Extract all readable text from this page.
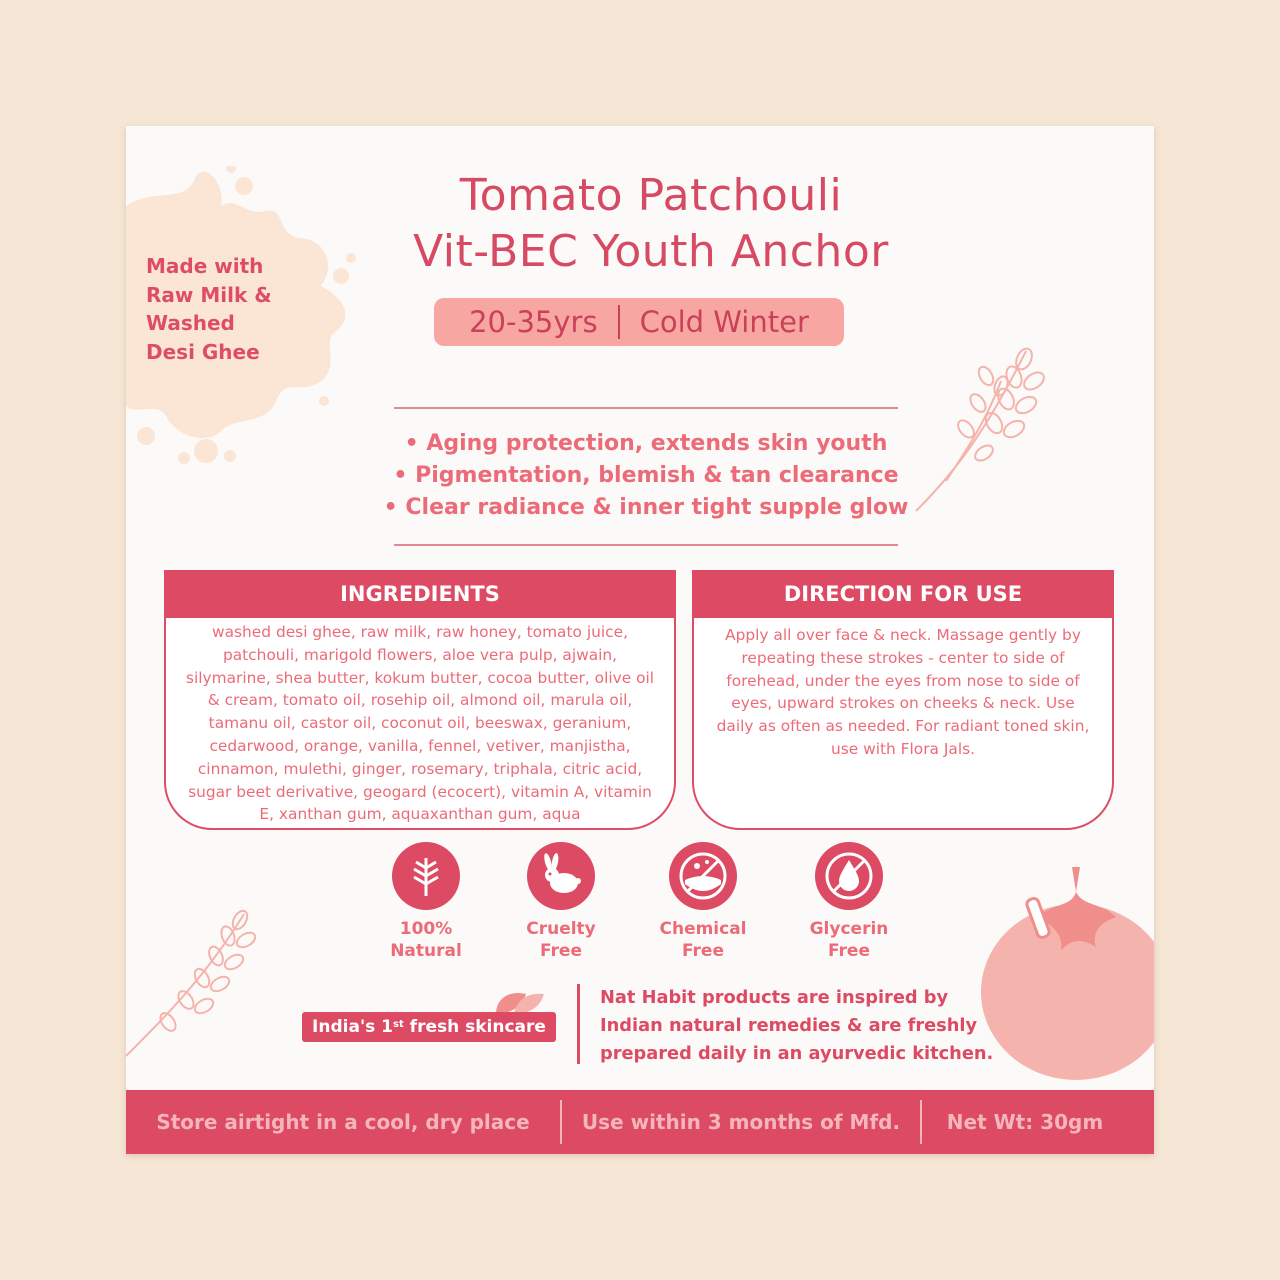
Made with
Raw Milk &
Washed
Desi Ghee
Tomato Patchouli
Vit-BEC Youth Anchor
20-35yrs Cold Winter
• Aging protection, extends skin youth
• Pigmentation, blemish & tan clearance
• Clear radiance & inner tight supple glow
INGREDIENTS
washed desi ghee, raw milk, raw honey, tomato juice, patchouli, marigold flowers, aloe vera pulp, ajwain, silymarine, shea butter, kokum butter, cocoa butter, olive oil & cream, tomato oil, rosehip oil, almond oil, marula oil, tamanu oil, castor oil, coconut oil, beeswax, geranium, cedarwood, orange, vanilla, fennel, vetiver, manjistha, cinnamon, mulethi, ginger, rosemary, triphala, citric acid, sugar beet derivative, geogard (ecocert), vitamin A, vitamin E, xanthan gum, aquaxanthan gum, aqua
DIRECTION FOR USE
Apply all over face & neck. Massage gently by repeating these strokes - center to side of forehead, under the eyes from nose to side of eyes, upward strokes on cheeks & neck. Use daily as often as needed. For radiant toned skin, use with Flora Jals.
100%
Natural
Cruelty
Free
Chemical
Free
Glycerin
Free
India's 1st fresh skincare
Nat Habit products are inspired by
Indian natural remedies & are freshly
prepared daily in an ayurvedic kitchen.
Store airtight in a cool, dry place	Use within 3 months of Mfd.	Net Wt: 30gm
